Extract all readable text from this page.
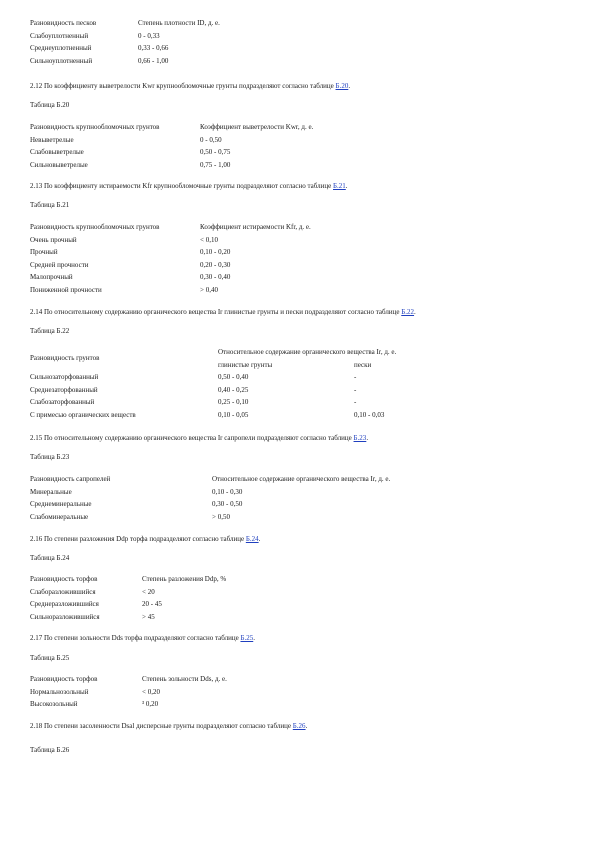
Разновидность песков	Степень плотности ID, д. е.
Слабоуплотненный	0 - 0,33
Среднеуплотненный	0,33 - 0,66
Сильноуплотненный	0,66 - 1,00
2.12 По коэффициенту выветрелости Kwr крупнообломочные грунты подразделяют согласно таблице Б.20.
Таблица Б.20
Разновидность крупнообломочных грунтов	Коэффициент выветрелости Kwr, д. е.
Невыветрелые	0 - 0,50
Слабовыветрелые	0,50 - 0,75
Сильновыветрелые	0,75 - 1,00
2.13 По коэффициенту истираемости Kfr крупнообломочные грунты подразделяют согласно таблице Б.21.
Таблица Б.21
Разновидность крупнообломочных грунтов	Коэффициент истираемости Kfr, д. е.
Очень прочный	< 0,10
Прочный	0,10 - 0,20
Средней прочности	0,20 - 0,30
Малопрочный	0,30 - 0,40
Пониженной прочности	> 0,40
2.14 По относительному содержанию органического вещества Ir глинистые грунты и пески подразделяют согласно таблице Б.22.
Таблица Б.22
Разновидность грунтов	Относительное содержание органического вещества Ir, д. е.	
	глинистые грунты	пески
Сильнозаторфованный	0,50 - 0,40	-
Среднезаторфованный	0,40 - 0,25	-
Слабозаторфованный	0,25 - 0,10	-
С примесью органических веществ	0,10 - 0,05	0,10 - 0,03
2.15 По относительному содержанию органического вещества Ir сапропели подразделяют согласно таблице Б.23.
Таблица Б.23
Разновидность сапропелей	Относительное содержание органического вещества Ir, д. е.
Минеральные	0,10 - 0,30
Среднеминеральные	0,30 - 0,50
Слабоминеральные	> 0,50
2.16 По степени разложения Ddp торфа подразделяют согласно таблице Б.24.
Таблица Б.24
Разновидность торфов	Степень разложения Ddp, %
Слаборазложившийся	< 20
Среднеразложившийся	20 - 45
Сильноразложившийся	> 45
2.17 По степени зольности Dds торфа подразделяют согласно таблице Б.25.
Таблица Б.25
Разновидность торфов	Степень зольности Dds, д. е.
Нормальнозольный	< 0,20
Высокозольный	³ 0,20
2.18 По степени засоленности Dsal дисперсные грунты подразделяют согласно таблице Б.26.
Таблица Б.26
